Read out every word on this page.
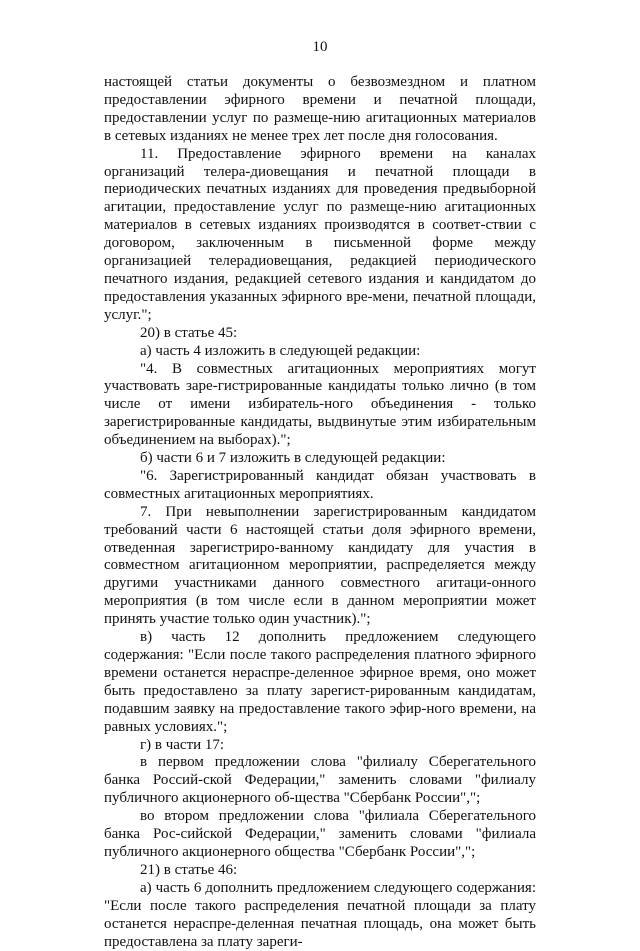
10

настоящей статьи документы о безвозмездном и платном предоставлении эфирного времени и печатной площади, предоставлении услуг по размеще-нию агитационных материалов в сетевых изданиях не менее трех лет после дня голосования.

11. Предоставление эфирного времени на каналах организаций телера-диовещания и печатной площади в периодических печатных изданиях для проведения предвыборной агитации, предоставление услуг по размеще-нию агитационных материалов в сетевых изданиях производятся в соответ-ствии с договором, заключенным в письменной форме между организацией телерадиовещания, редакцией периодического печатного издания, редакцией сетевого издания и кандидатом до предоставления указанных эфирного вре-мени, печатной площади, услуг.";

20) в статье 45:

а) часть 4 изложить в следующей редакции:

"4. В совместных агитационных мероприятиях могут участвовать заре-гистрированные кандидаты только лично (в том числе от имени избиратель-ного объединения - только зарегистрированные кандидаты, выдвинутые этим избирательным объединением на выборах).";

б) части 6 и 7 изложить в следующей редакции:

"6. Зарегистрированный кандидат обязан участвовать в совместных агитационных мероприятиях.

7. При невыполнении зарегистрированным кандидатом требований части 6 настоящей статьи доля эфирного времени, отведенная зарегистриро-ванному кандидату для участия в совместном агитационном мероприятии, распределяется между другими участниками данного совместного агитаци-онного мероприятия (в том числе если в данном мероприятии может принять участие только один участник).";

в) часть 12 дополнить предложением следующего содержания: "Если после такого распределения платного эфирного времени останется нераспре-деленное эфирное время, оно может быть предоставлено за плату зарегист-рированным кандидатам, подавшим заявку на предоставление такого эфир-ного времени, на равных условиях.";

г) в части 17:

в первом предложении слова "филиалу Сберегательного банка Россий-ской Федерации," заменить словами "филиалу публичного акционерного об-щества "Сбербанк России",";

во втором предложении слова "филиала Сберегательного банка Рос-сийской Федерации," заменить словами "филиала публичного акционерного общества "Сбербанк России",";

21) в статье 46:

а) часть 6 дополнить предложением следующего содержания: "Если после такого распределения печатной площади за плату останется нераспре-деленная печатная площадь, она может быть предоставлена за плату зареги-
